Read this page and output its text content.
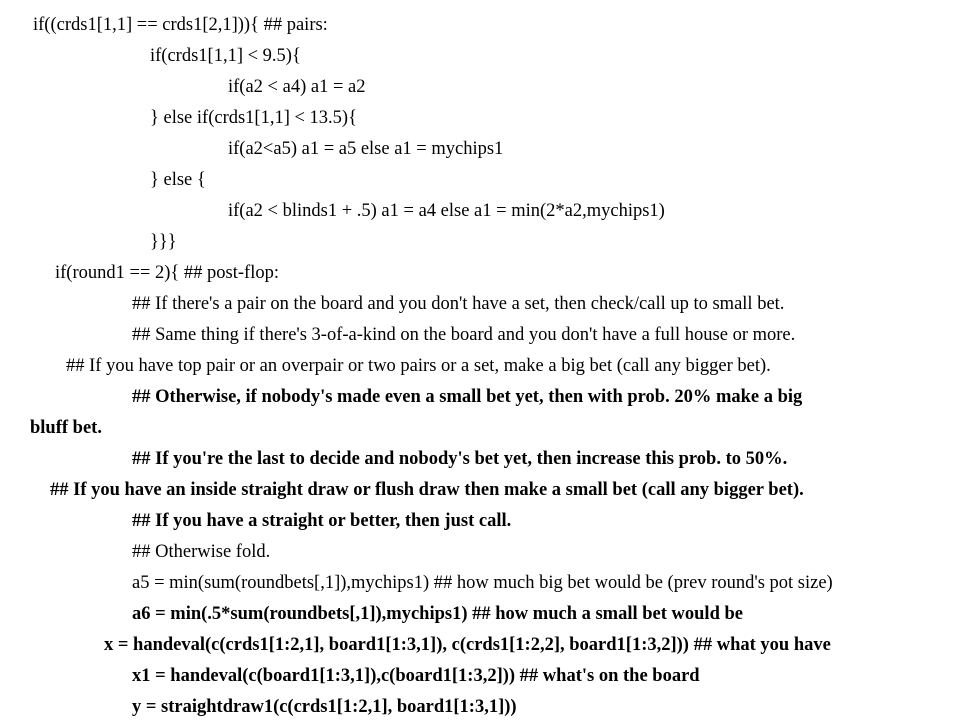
if((crds1[1,1] == crds1[2,1])){ ## pairs:
if(crds1[1,1] < 9.5){
if(a2 < a4) a1 = a2
} else if(crds1[1,1] < 13.5){
if(a2<a5) a1 = a5 else a1 = mychips1
} else {
if(a2 < blinds1 + .5) a1 = a4 else a1 = min(2*a2,mychips1)
}}}
if(round1 == 2){ ## post-flop:
## If there's a pair on the board and you don't have a set, then check/call up to small bet.
## Same thing if there's 3-of-a-kind on the board and you don't have a full house or more.
## If you have top pair or an overpair or two pairs or a set, make a big bet (call any bigger bet).
## Otherwise, if nobody's made even a small bet yet, then with prob. 20% make a big
bluff bet.
## If you're the last to decide and nobody's bet yet, then increase this prob. to 50%.
## If you have an inside straight draw or flush draw then make a small bet (call any bigger bet).
## If you have a straight or better, then just call.
## Otherwise fold.
a5 = min(sum(roundbets[,1]),mychips1) ## how much big bet would be (prev round's pot size)
a6 = min(.5*sum(roundbets[,1]),mychips1) ## how much a small bet would be
x = handeval(c(crds1[1:2,1], board1[1:3,1]), c(crds1[1:2,2], board1[1:3,2])) ## what you have
x1 = handeval(c(board1[1:3,1]),c(board1[1:3,2])) ## what's on the board
y = straightdraw1(c(crds1[1:2,1], board1[1:3,1]))
